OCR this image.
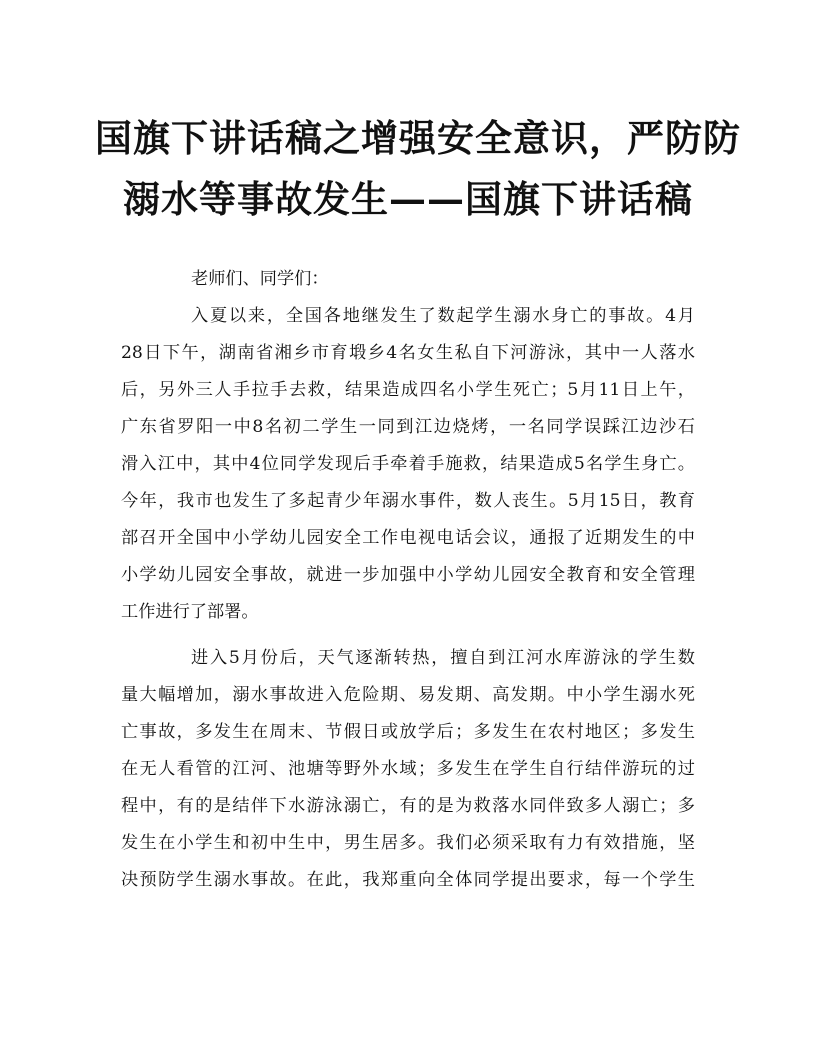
国旗下讲话稿之增强安全意识，严防防
溺水等事故发生——国旗下讲话稿
老师们、同学们：
入夏以来，全国各地继发生了数起学生溺水身亡的事故。4月
28日下午，湖南省湘乡市育塅乡4名女生私自下河游泳，其中一人落水
后，另外三人手拉手去救，结果造成四名小学生死亡；5月11日上午，
广东省罗阳一中8名初二学生一同到江边烧烤，一名同学误踩江边沙石
滑入江中，其中4位同学发现后手牵着手施救，结果造成5名学生身亡。
今年，我市也发生了多起青少年溺水事件，数人丧生。5月15日，教育
部召开全国中小学幼儿园安全工作电视电话会议，通报了近期发生的中
小学幼儿园安全事故，就进一步加强中小学幼儿园安全教育和安全管理
工作进行了部署。
进入5月份后，天气逐渐转热，擅自到江河水库游泳的学生数
量大幅增加，溺水事故进入危险期、易发期、高发期。中小学生溺水死
亡事故，多发生在周末、节假日或放学后；多发生在农村地区；多发生
在无人看管的江河、池塘等野外水域；多发生在学生自行结伴游玩的过
程中，有的是结伴下水游泳溺亡，有的是为救落水同伴致多人溺亡；多
发生在小学生和初中生中，男生居多。我们必须采取有力有效措施，坚
决预防学生溺水事故。在此，我郑重向全体同学提出要求，每一个学生
